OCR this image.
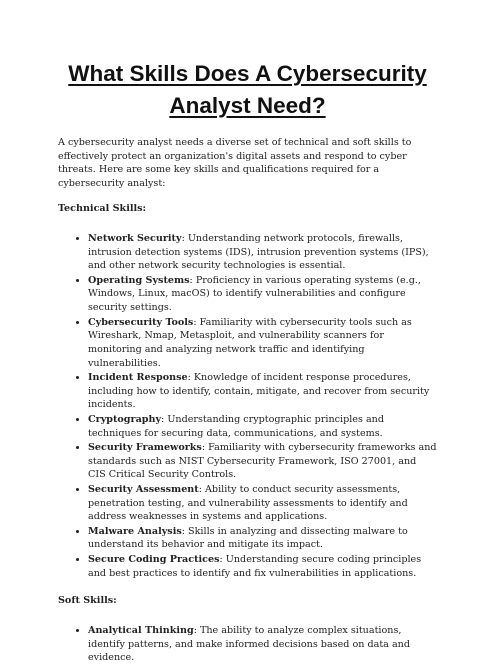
What Skills Does A Cybersecurity
Analyst Need?

A cybersecurity analyst needs a diverse set of technical and soft skills to effectively protect an organization's digital assets and respond to cyber threats. Here are some key skills and qualifications required for a cybersecurity analyst:

Technical Skills:

• Network Security: Understanding network protocols, firewalls, intrusion detection systems (IDS), intrusion prevention systems (IPS), and other network security technologies is essential.
• Operating Systems: Proficiency in various operating systems (e.g., Windows, Linux, macOS) to identify vulnerabilities and configure security settings.
• Cybersecurity Tools: Familiarity with cybersecurity tools such as Wireshark, Nmap, Metasploit, and vulnerability scanners for monitoring and analyzing network traffic and identifying vulnerabilities.
• Incident Response: Knowledge of incident response procedures, including how to identify, contain, mitigate, and recover from security incidents.
• Cryptography: Understanding cryptographic principles and techniques for securing data, communications, and systems.
• Security Frameworks: Familiarity with cybersecurity frameworks and standards such as NIST Cybersecurity Framework, ISO 27001, and CIS Critical Security Controls.
• Security Assessment: Ability to conduct security assessments, penetration testing, and vulnerability assessments to identify and address weaknesses in systems and applications.
• Malware Analysis: Skills in analyzing and dissecting malware to understand its behavior and mitigate its impact.
• Secure Coding Practices: Understanding secure coding principles and best practices to identify and fix vulnerabilities in applications.

Soft Skills:

• Analytical Thinking: The ability to analyze complex situations, identify patterns, and make informed decisions based on data and evidence.
